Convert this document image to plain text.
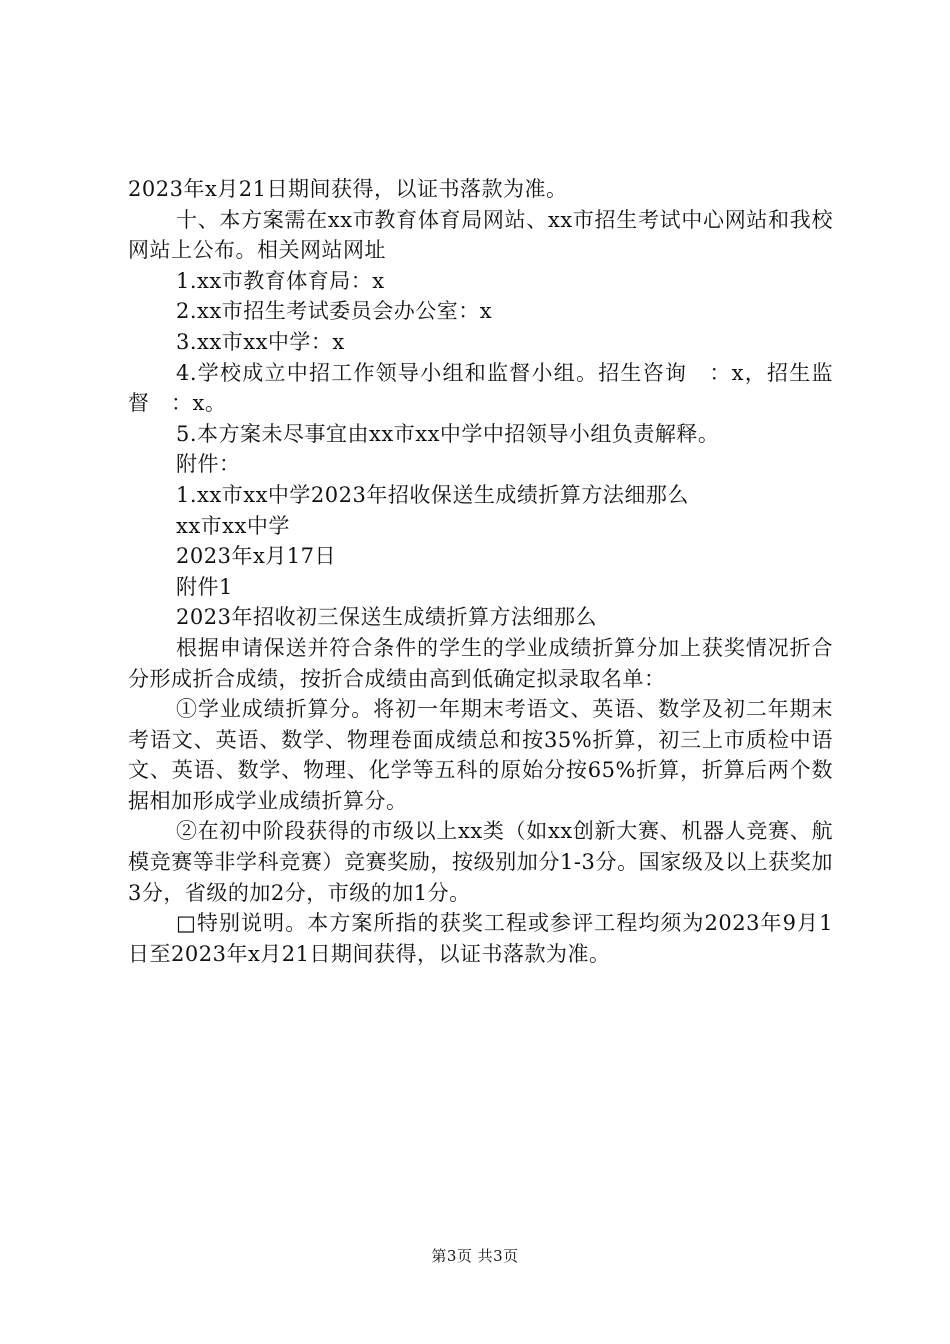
2023年x月21日期间获得，以证书落款为准。

十、本方案需在xx市教育体育局网站、xx市招生考试中心网站和我校网站上公布。相关网站网址

1.xx市教育体育局：x

2.xx市招生考试委员会办公室：x

3.xx市xx中学：x

4.学校成立中招工作领导小组和监督小组。招生咨询　：x，招生监督　：x。

5.本方案未尽事宜由xx市xx中学中招领导小组负责解释。

附件：

1.xx市xx中学2023年招收保送生成绩折算方法细那么

xx市xx中学

2023年x月17日

附件1

2023年招收初三保送生成绩折算方法细那么

根据申请保送并符合条件的学生的学业成绩折算分加上获奖情况折合分形成折合成绩，按折合成绩由高到低确定拟录取名单：

①学业成绩折算分。将初一年期末考语文、英语、数学及初二年期末考语文、英语、数学、物理卷面成绩总和按35%折算，初三上市质检中语文、英语、数学、物理、化学等五科的原始分按65%折算，折算后两个数据相加形成学业成绩折算分。

②在初中阶段获得的市级以上xx类（如xx创新大赛、机器人竞赛、航模竞赛等非学科竞赛）竞赛奖励，按级别加分1-3分。国家级及以上获奖加3分，省级的加2分，市级的加1分。

□特别说明。本方案所指的获奖工程或参评工程均须为2023年9月1日至2023年x月21日期间获得，以证书落款为准。

第3页 共3页
